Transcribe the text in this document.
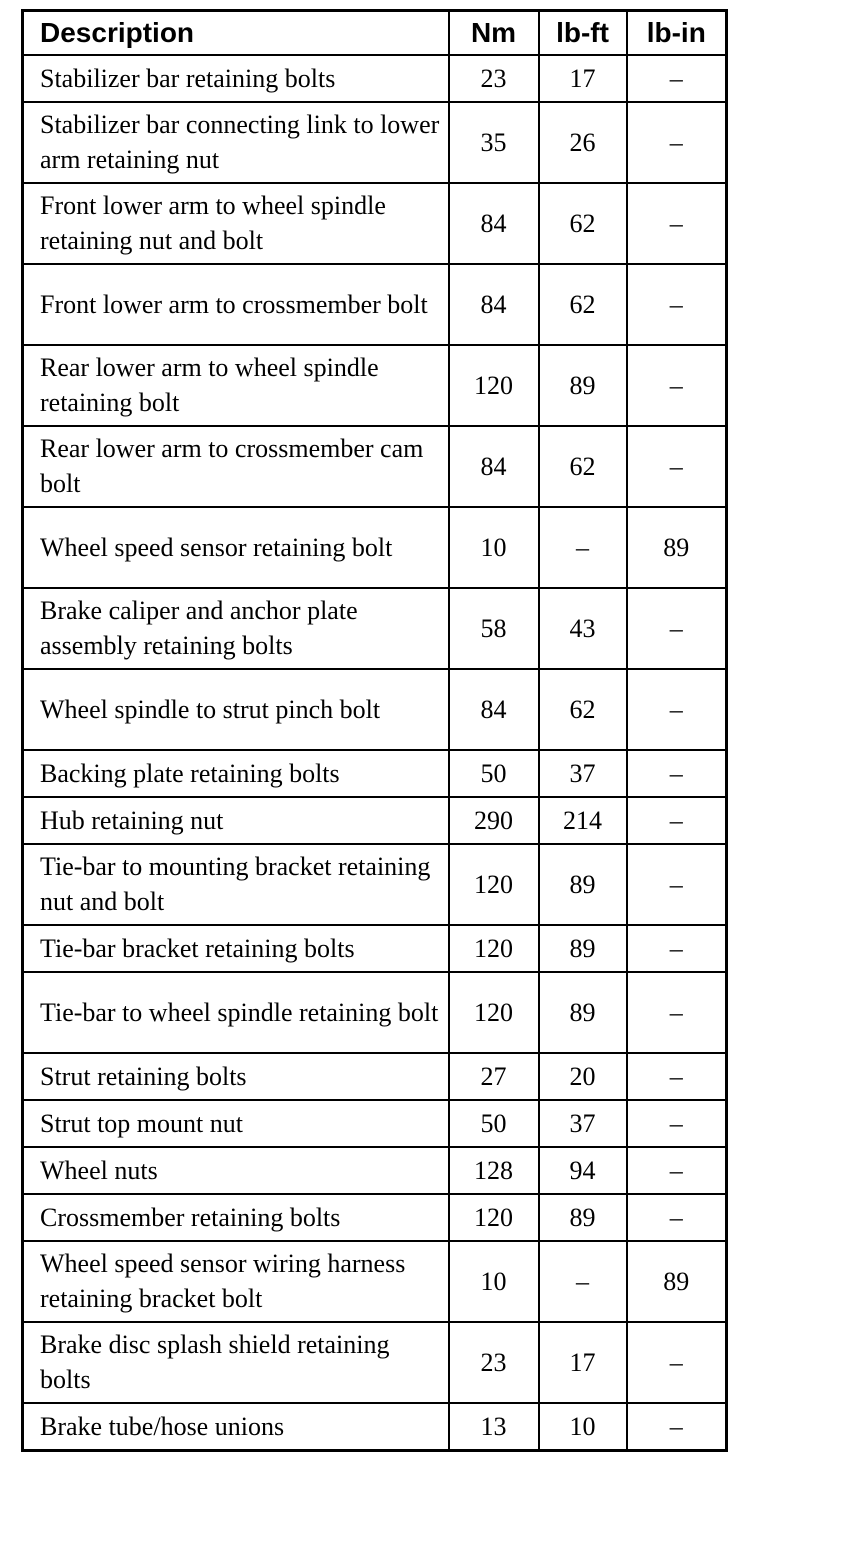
Description	Nm	lb-ft	lb-in
Stabilizer bar retaining bolts	23	17	–
Stabilizer bar connecting link to lower arm retaining nut	35	26	–
Front lower arm to wheel spindle retaining nut and bolt	84	62	–
Front lower arm to crossmember bolt	84	62	–
Rear lower arm to wheel spindle retaining bolt	120	89	–
Rear lower arm to crossmember cam bolt	84	62	–
Wheel speed sensor retaining bolt	10	–	89
Brake caliper and anchor plate assembly retaining bolts	58	43	–
Wheel spindle to strut pinch bolt	84	62	–
Backing plate retaining bolts	50	37	–
Hub retaining nut	290	214	–
Tie-bar to mounting bracket retaining nut and bolt	120	89	–
Tie-bar bracket retaining bolts	120	89	–
Tie-bar to wheel spindle retaining bolt	120	89	–
Strut retaining bolts	27	20	–
Strut top mount nut	50	37	–
Wheel nuts	128	94	–
Crossmember retaining bolts	120	89	–
Wheel speed sensor wiring harness retaining bracket bolt	10	–	89
Brake disc splash shield retaining bolts	23	17	–
Brake tube/hose unions	13	10	–
